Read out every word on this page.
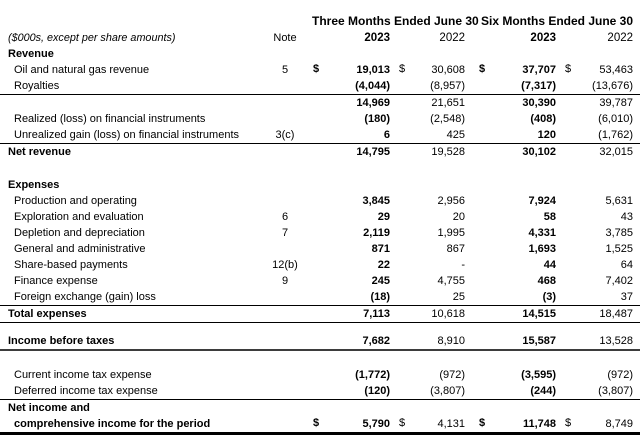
		Three Months Ended June 30		Six Months Ended June 30	
($000s, except per share amounts)	Note	2023	2022	2023	2022
Revenue					
Oil and natural gas revenue	5	$ 19,013	$ 30,608	$ 37,707	$ 53,463
Royalties		(4,044)	(8,957)	(7,317)	(13,676)
		14,969	21,651	30,390	39,787
Realized (loss) on financial instruments		(180)	(2,548)	(408)	(6,010)
Unrealized gain (loss) on financial instruments	3(c)	6	425	120	(1,762)
Net revenue		14,795	19,528	30,102	32,015

Expenses					
Production and operating		3,845	2,956	7,924	5,631
Exploration and evaluation	6	29	20	58	43
Depletion and depreciation	7	2,119	1,995	4,331	3,785
General and administrative		871	867	1,693	1,525
Share-based payments	12(b)	22	-	44	64
Finance expense	9	245	4,755	468	7,402
Foreign exchange (gain) loss		(18)	25	(3)	37
Total expenses		7,113	10,618	14,515	18,487

Income before taxes		7,682	8,910	15,587	13,528

Current income tax expense		(1,772)	(972)	(3,595)	(972)
Deferred income tax expense		(120)	(3,807)	(244)	(3,807)
Net income and					
comprehensive income for the period		$ 5,790	$ 4,131	$ 11,748	$ 8,749
